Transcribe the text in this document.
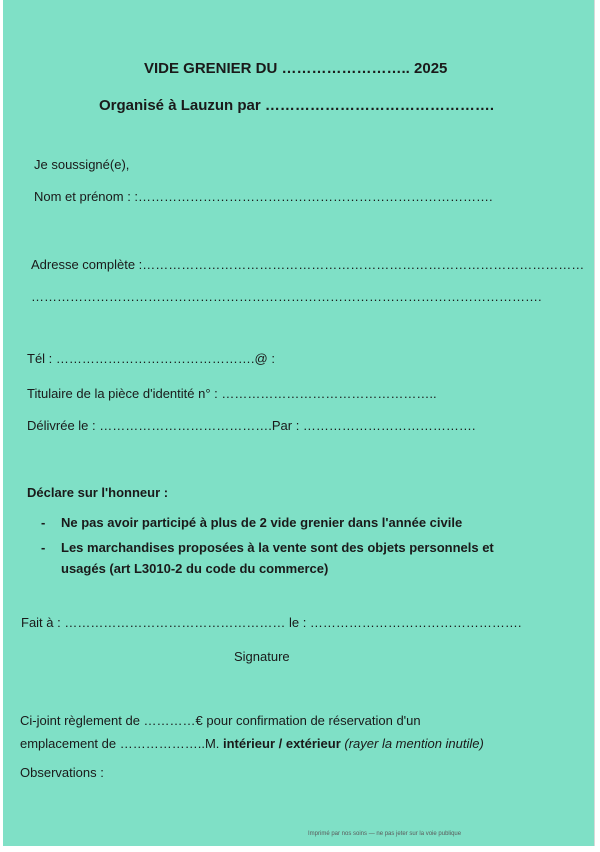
VIDE GRENIER DU …………………….. 2025
Organisé à Lauzun par ……………………………………….
Je soussigné(e),
Nom et prénom : :……………………………………………………………………….
Adresse complète :…………………………………………………………………………………………
……………………………………………………………………………………………………….
Tél : ……………………………………….@ :
Titulaire de la pièce d'identité n° : …………………………………………..
Délivrée le : ………………………………….Par : ………………………………….
Déclare sur l'honneur :
- Ne pas avoir participé à plus de 2 vide grenier dans l'année civile
- Les marchandises proposées à la vente sont des objets personnels et
usagés (art L3010-2 du code du commerce)
Fait à : …………………………………………… le : ………………………………………….
Signature
Ci-joint règlement de …………€ pour confirmation de réservation d'un
emplacement de ………………..M. intérieur / extérieur (rayer la mention inutile)
Observations :
Imprimé par nos soins — ne pas jeter sur la voie publique
